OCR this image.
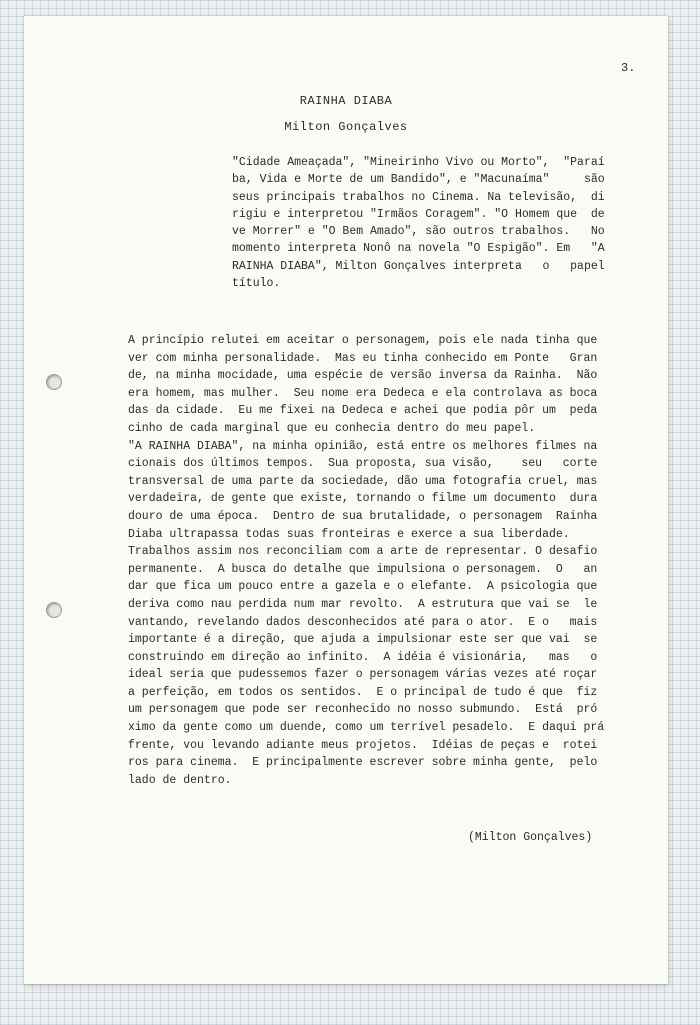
3.
RAINHA DIABA
Milton Gonçalves
"Cidade Ameaçada", "Mineirinho Vivo ou Morto",  "Paraí
ba, Vida e Morte de um Bandido", e "Macunaíma"     são
seus principais trabalhos no Cinema. Na televisão,  di
rigiu e interpretou "Irmãos Coragem". "O Homem que  de
ve Morrer" e "O Bem Amado", são outros trabalhos.   No
momento interpreta Nonô na novela "O Espigão". Em   "A
RAINHA DIABA", Milton Gonçalves interpreta   o   papel
título.
A princípio relutei em aceitar o personagem, pois ele nada tinha que
ver com minha personalidade.  Mas eu tinha conhecido em Ponte   Gran
de, na minha mocidade, uma espécie de versão inversa da Rainha.  Não
era homem, mas mulher.  Seu nome era Dedeca e ela controlava as boca
das da cidade.  Eu me fixei na Dedeca e achei que podia pôr um  peda
cinho de cada marginal que eu conhecia dentro do meu papel.
"A RAINHA DIABA", na minha opinião, está entre os melhores filmes na
cionais dos últimos tempos.  Sua proposta, sua visão,    seu   corte
transversal de uma parte da sociedade, dão uma fotografia cruel, mas
verdadeira, de gente que existe, tornando o filme um documento  dura
douro de uma época.  Dentro de sua brutalidade, o personagem  Rainha
Diaba ultrapassa todas suas fronteiras e exerce a sua liberdade.
Trabalhos assim nos reconciliam com a arte de representar. O desafio
permanente.  A busca do detalhe que impulsiona o personagem.  O   an
dar que fica um pouco entre a gazela e o elefante.  A psicologia que
deriva como nau perdida num mar revolto.  A estrutura que vai se  le
vantando, revelando dados desconhecidos até para o ator.  E o   mais
importante é a direção, que ajuda a impulsionar este ser que vai  se
construindo em direção ao infinito.  A idéia é visionária,   mas   o
ideal seria que pudessemos fazer o personagem várias vezes até roçar
a perfeição, em todos os sentidos.  E o principal de tudo é que  fiz
um personagem que pode ser reconhecido no nosso submundo.  Está  pró
ximo da gente como um duende, como um terrível pesadelo.  E daqui prá
frente, vou levando adiante meus projetos.  Idéias de peças e  rotei
ros para cinema.  E principalmente escrever sobre minha gente,  pelo
lado de dentro.
(Milton Gonçalves)
